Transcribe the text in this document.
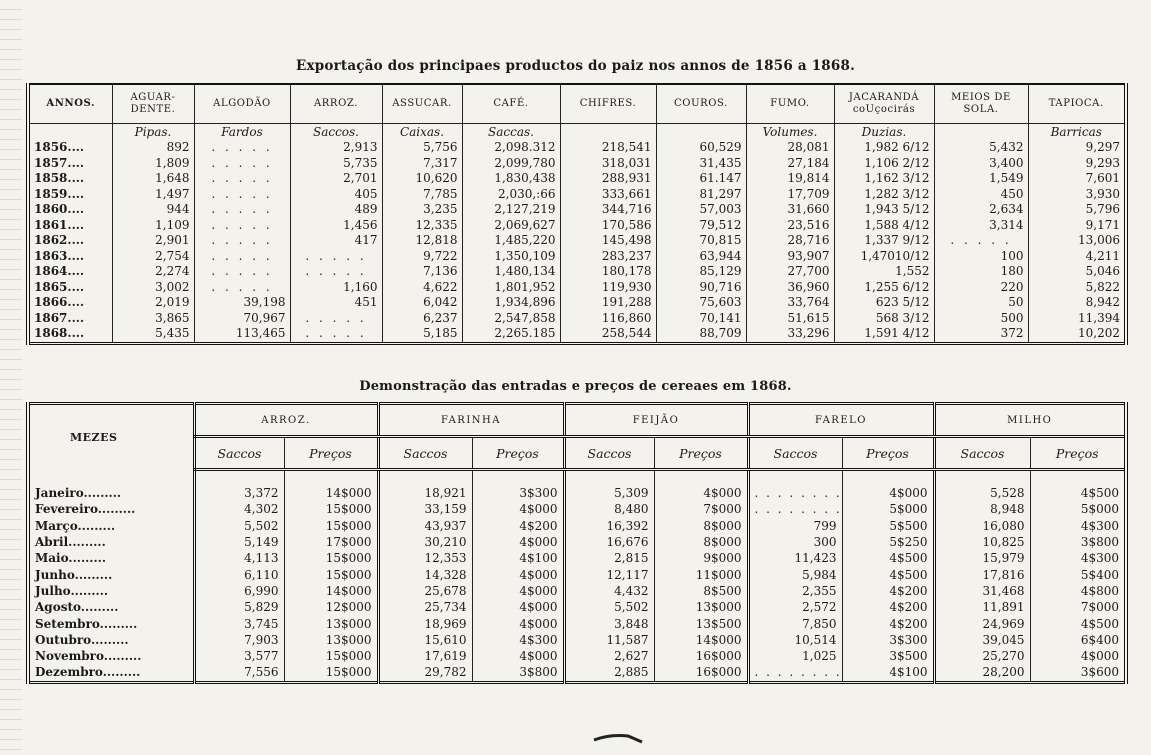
Exportação dos principaes productos do paiz nos annos de 1856 a 1868.
ANNOS.	AGUAR-DENTE.	ALGODÃO	ARROZ.	ASSUCAR.	CAFÉ.	CHIFRES.	COUROS.	FUMO.	JACARANDÁ coUçocirás	MEIOS DE SOLA.	TAPIOCA.
	Pipas.	Fardos	Saccos.	Caixas.	Saccas.			Volumes.	Duzias.		Barricas
1856....	892	. . . . .	2,913	5,756	2,098.312	218,541	60,529	28,081	1,982 6/12	5,432	9,297
1857....	1,809	. . . . .	5,735	7,317	2,099,780	318,031	31,435	27,184	1,106 2/12	3,400	9,293
1858....	1,648	. . . . .	2,701	10,620	1,830,438	288,931	61.147	19,814	1,162 3/12	1,549	7,601
1859....	1,497	. . . . .	405	7,785	2,030,:66	333,661	81,297	17,709	1,282 3/12	450	3,930
1860....	944	. . . . .	489	3,235	2,127,219	344,716	57,003	31,660	1,943 5/12	2,634	5,796
1861....	1,109	. . . . .	1,456	12,335	2,069,627	170,586	79,512	23,516	1,588 4/12	3,314	9,171
1862....	2,901	. . . . .	417	12,818	1,485,220	145,498	70,815	28,716	1,337 9/12	. . . . .	13,006
1863....	2,754	. . . . .	. . . . .	9,722	1,350,109	283,237	63,944	93,907	1,47010/12	100	4,211
1864....	2,274	. . . . .	. . . . .	7,136	1,480,134	180,178	85,129	27,700	1,552	180	5,046
1865....	3,002	. . . . .	1,160	4,622	1,801,952	119,930	90,716	36,960	1,255 6/12	220	5,822
1866....	2,019	39,198	451	6,042	1,934,896	191,288	75,603	33,764	623 5/12	50	8,942
1867....	3,865	70,967	. . . . .	6,237	2,547,858	116,860	70,141	51,615	568 3/12	500	11,394
1868....	5,435	113,465	. . . . .	5,185	2,265.185	258,544	88,709	33,296	1,591 4/12	372	10,202
Demonstração das entradas e preços de cereaes em 1868.
MEZES	ARROZ.		FARINHA		FEIJÃO		FARELO		MILHO	
	Saccos	Preços	Saccos	Preços	Saccos	Preços	Saccos	Preços	Saccos	Preços

Janeiro.........	3,372	14$000	18,921	3$300	5,309	4$000	. . . . . . . .	4$000	5,528	4$500
Fevereiro.........	4,302	15$000	33,159	4$000	8,480	7$000	. . . . . . . .	5$000	8,948	5$000
Março.........	5,502	15$000	43,937	4$200	16,392	8$000	799	5$500	16,080	4$300
Abril.........	5,149	17$000	30,210	4$000	16,676	8$000	300	5$250	10,825	3$800
Maio.........	4,113	15$000	12,353	4$100	2,815	9$000	11,423	4$500	15,979	4$300
Junho.........	6,110	15$000	14,328	4$000	12,117	11$000	5,984	4$500	17,816	5$400
Julho.........	6,990	14$000	25,678	4$000	4,432	8$500	2,355	4$200	31,468	4$800
Agosto.........	5,829	12$000	25,734	4$000	5,502	13$000	2,572	4$200	11,891	7$000
Setembro.........	3,745	13$000	18,969	4$000	3,848	13$500	7,850	4$200	24,969	4$500
Outubro.........	7,903	13$000	15,610	4$300	11,587	14$000	10,514	3$300	39,045	6$400
Novembro.........	3,577	15$000	17,619	4$000	2,627	16$000	1,025	3$500	25,270	4$000
Dezembro.........	7,556	15$000	29,782	3$800	2,885	16$000	. . . . . . . .	4$100	28,200	3$600
